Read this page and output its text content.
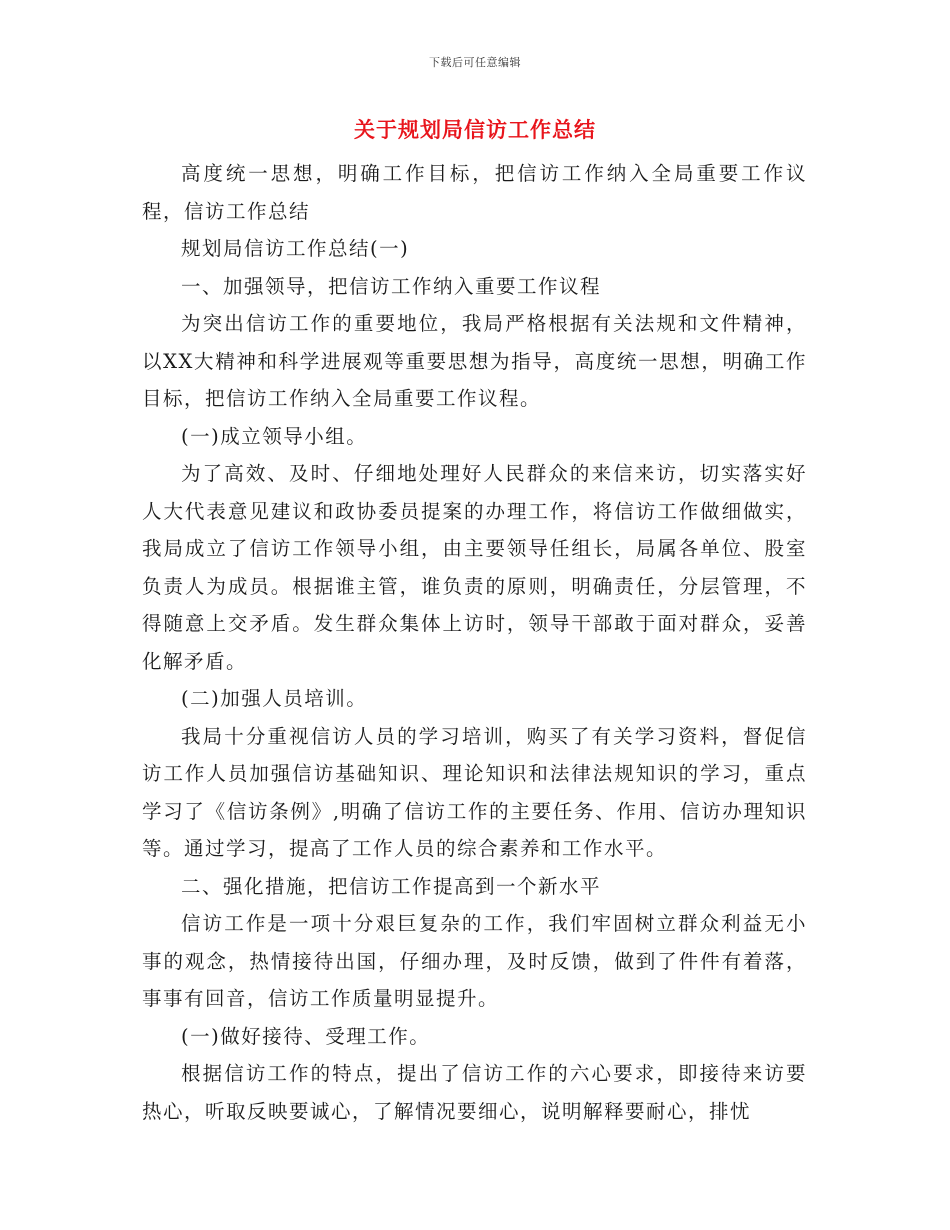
下载后可任意编辑
关于规划局信访工作总结

高度统一思想，明确工作目标，把信访工作纳入全局重要工作议程，信访工作总结

规划局信访工作总结(一)

一、加强领导，把信访工作纳入重要工作议程

为突出信访工作的重要地位，我局严格根据有关法规和文件精神，以XX大精神和科学进展观等重要思想为指导，高度统一思想，明确工作目标，把信访工作纳入全局重要工作议程。

(一)成立领导小组。

为了高效、及时、仔细地处理好人民群众的来信来访，切实落实好人大代表意见建议和政协委员提案的办理工作，将信访工作做细做实，我局成立了信访工作领导小组，由主要领导任组长，局属各单位、股室负责人为成员。根据谁主管，谁负责的原则，明确责任，分层管理，不得随意上交矛盾。发生群众集体上访时，领导干部敢于面对群众，妥善化解矛盾。

(二)加强人员培训。

我局十分重视信访人员的学习培训，购买了有关学习资料，督促信访工作人员加强信访基础知识、理论知识和法律法规知识的学习，重点学习了《信访条例》,明确了信访工作的主要任务、作用、信访办理知识等。通过学习，提高了工作人员的综合素养和工作水平。

二、强化措施，把信访工作提高到一个新水平

信访工作是一项十分艰巨复杂的工作，我们牢固树立群众利益无小事的观念，热情接待出国，仔细办理，及时反馈，做到了件件有着落，事事有回音，信访工作质量明显提升。

(一)做好接待、受理工作。

根据信访工作的特点，提出了信访工作的六心要求，即接待来访要热心，听取反映要诚心，了解情况要细心，说明解释要耐心，排忧
